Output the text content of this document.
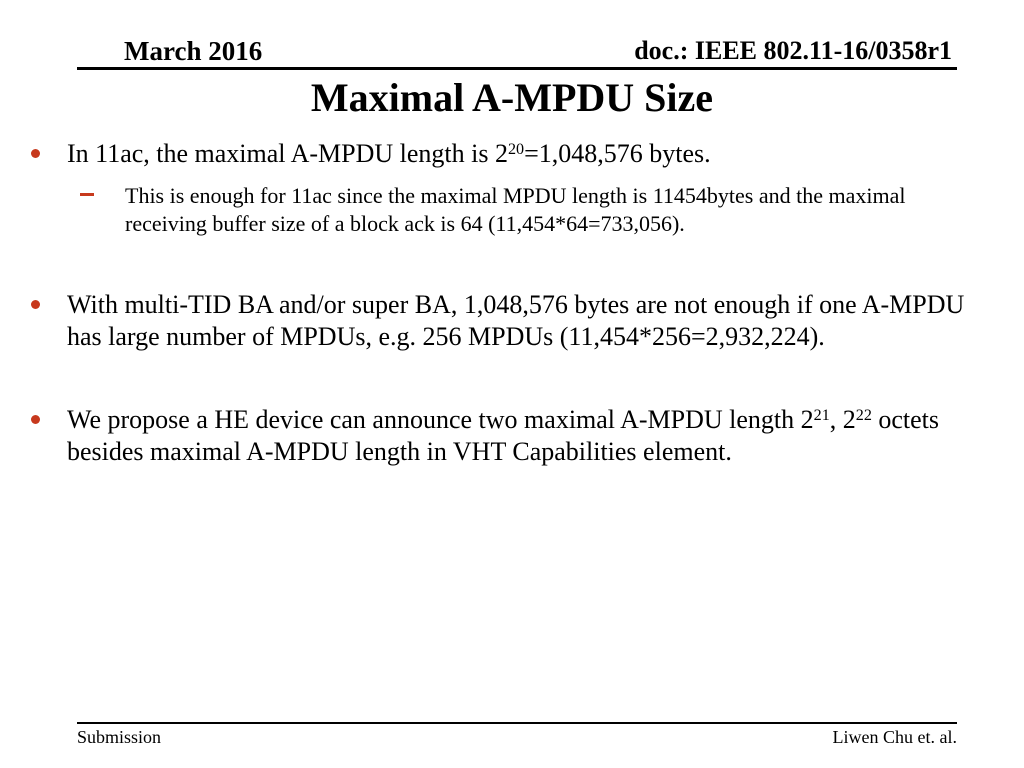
March 2016	doc.: IEEE 802.11-16/0358r1
Maximal A-MPDU Size
In 11ac, the maximal A-MPDU length is $2^{20}=1,048,576$ bytes.
This is enough for 11ac since the maximal MPDU length is 11454bytes and the maximal receiving buffer size of a block ack is 64 (11,454*64=733,056).
With multi-TID BA and/or super BA, 1,048,576 bytes are not enough if one A-MPDU has large number of MPDUs, e.g. 256 MPDUs (11,454*256=2,932,224).
We propose a HE device can announce two maximal A-MPDU length $2^{21}$, $2^{22}$ octets besides maximal A-MPDU length in VHT Capabilities element.
Submission	Liwen Chu et. al.
